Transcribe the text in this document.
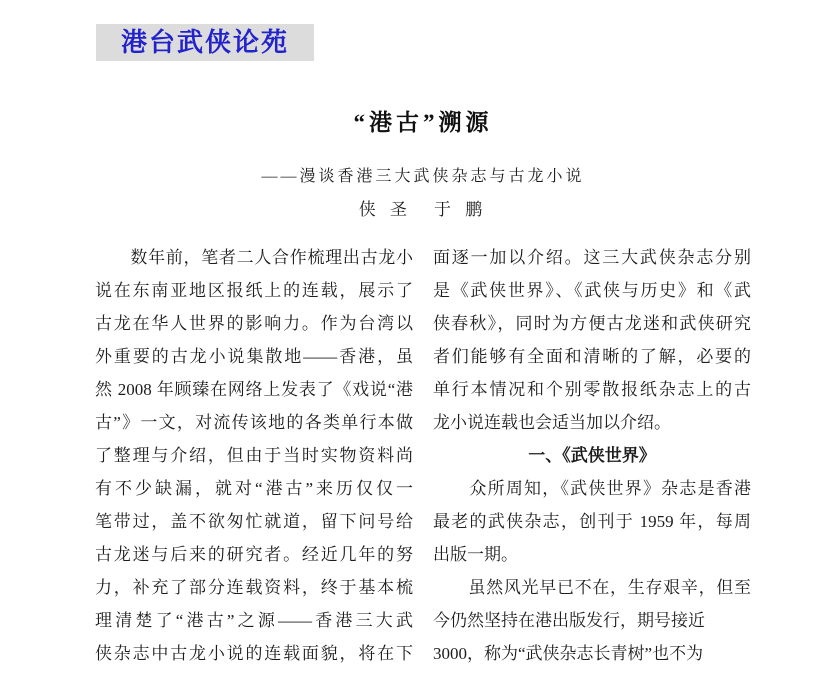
港台武侠论苑
“港古”溯源
——漫谈香港三大武侠杂志与古龙小说
侠 圣　于 鹏
　　数年前，笔者二人合作梳理出古龙小
说在东南亚地区报纸上的连载，展示了
古龙在华人世界的影响力。作为台湾以
外重要的古龙小说集散地——香港，虽
然 2008 年顾臻在网络上发表了《戏说“港
古”》一文，对流传该地的各类单行本做
了整理与介绍，但由于当时实物资料尚
有不少缺漏，就对“港古”来历仅仅一
笔带过，盖不欲匆忙就道，留下问号给
古龙迷与后来的研究者。经近几年的努
力，补充了部分连载资料，终于基本梳
理清楚了“港古”之源——香港三大武
侠杂志中古龙小说的连载面貌，将在下
面逐一加以介绍。这三大武侠杂志分别
是《武侠世界》、《武侠与历史》和《武
侠春秋》，同时为方便古龙迷和武侠研究
者们能够有全面和清晰的了解，必要的
单行本情况和个别零散报纸杂志上的古
龙小说连载也会适当加以介绍。
一、《武侠世界》
　　众所周知，《武侠世界》杂志是香港
最老的武侠杂志，创刊于 1959 年，每周
出版一期。
　　虽然风光早已不在，生存艰辛，但至
今仍然坚持在港出版发行，期号接近
3000，称为“武侠杂志长青树”也不为
